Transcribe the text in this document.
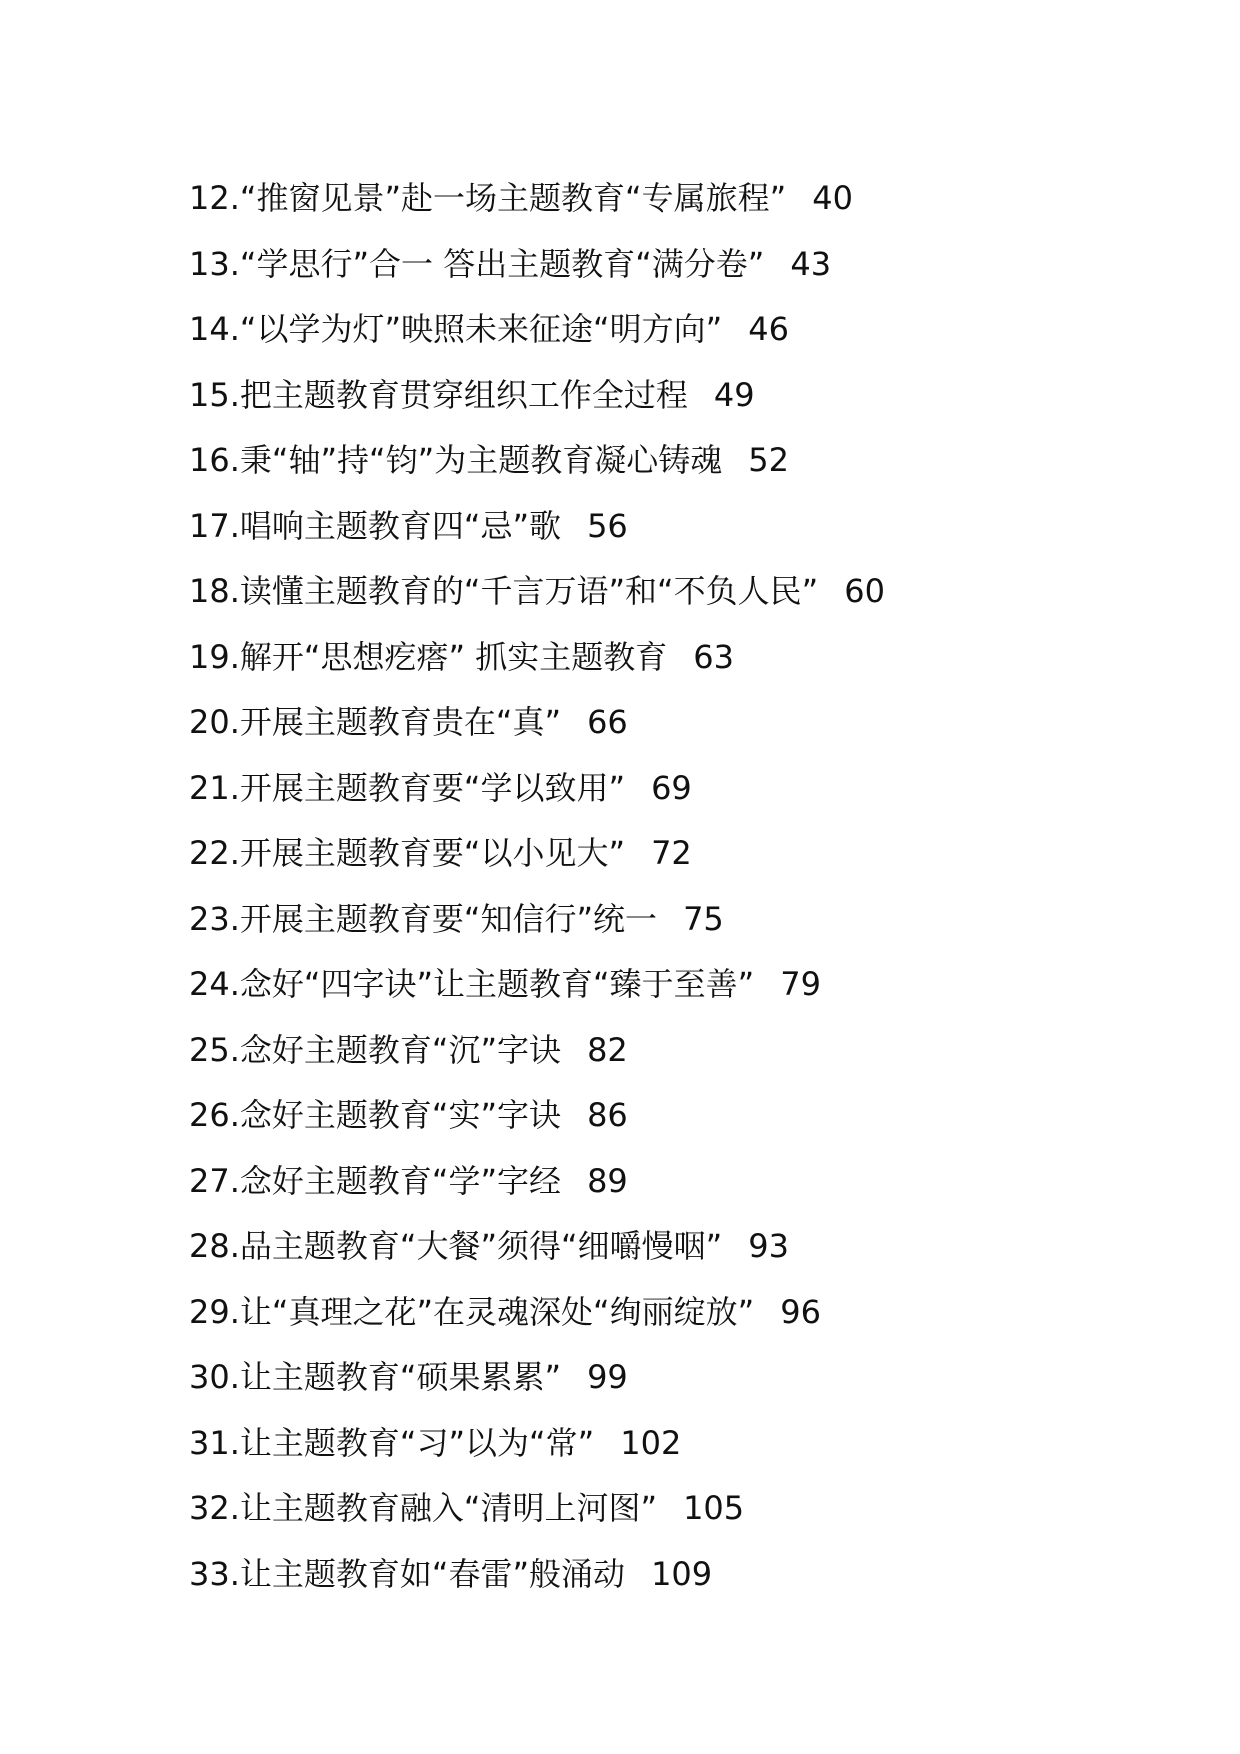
12.“推窗见景”赴一场主题教育“专属旅程” 40
13.“学思行”合一 答出主题教育“满分卷” 43
14.“以学为灯”映照未来征途“明方向” 46
15.把主题教育贯穿组织工作全过程 49
16.秉“轴”持“钧”为主题教育凝心铸魂 52
17.唱响主题教育四“忌”歌 56
18.读懂主题教育的“千言万语”和“不负人民” 60
19.解开“思想疙瘩” 抓实主题教育 63
20.开展主题教育贵在“真” 66
21.开展主题教育要“学以致用” 69
22.开展主题教育要“以小见大” 72
23.开展主题教育要“知信行”统一 75
24.念好“四字诀”让主题教育“臻于至善” 79
25.念好主题教育“沉”字诀 82
26.念好主题教育“实”字诀 86
27.念好主题教育“学”字经 89
28.品主题教育“大餐”须得“细嚼慢咽” 93
29.让“真理之花”在灵魂深处“绚丽绽放” 96
30.让主题教育“硕果累累” 99
31.让主题教育“习”以为“常” 102
32.让主题教育融入“清明上河图” 105
33.让主题教育如“春雷”般涌动 109
